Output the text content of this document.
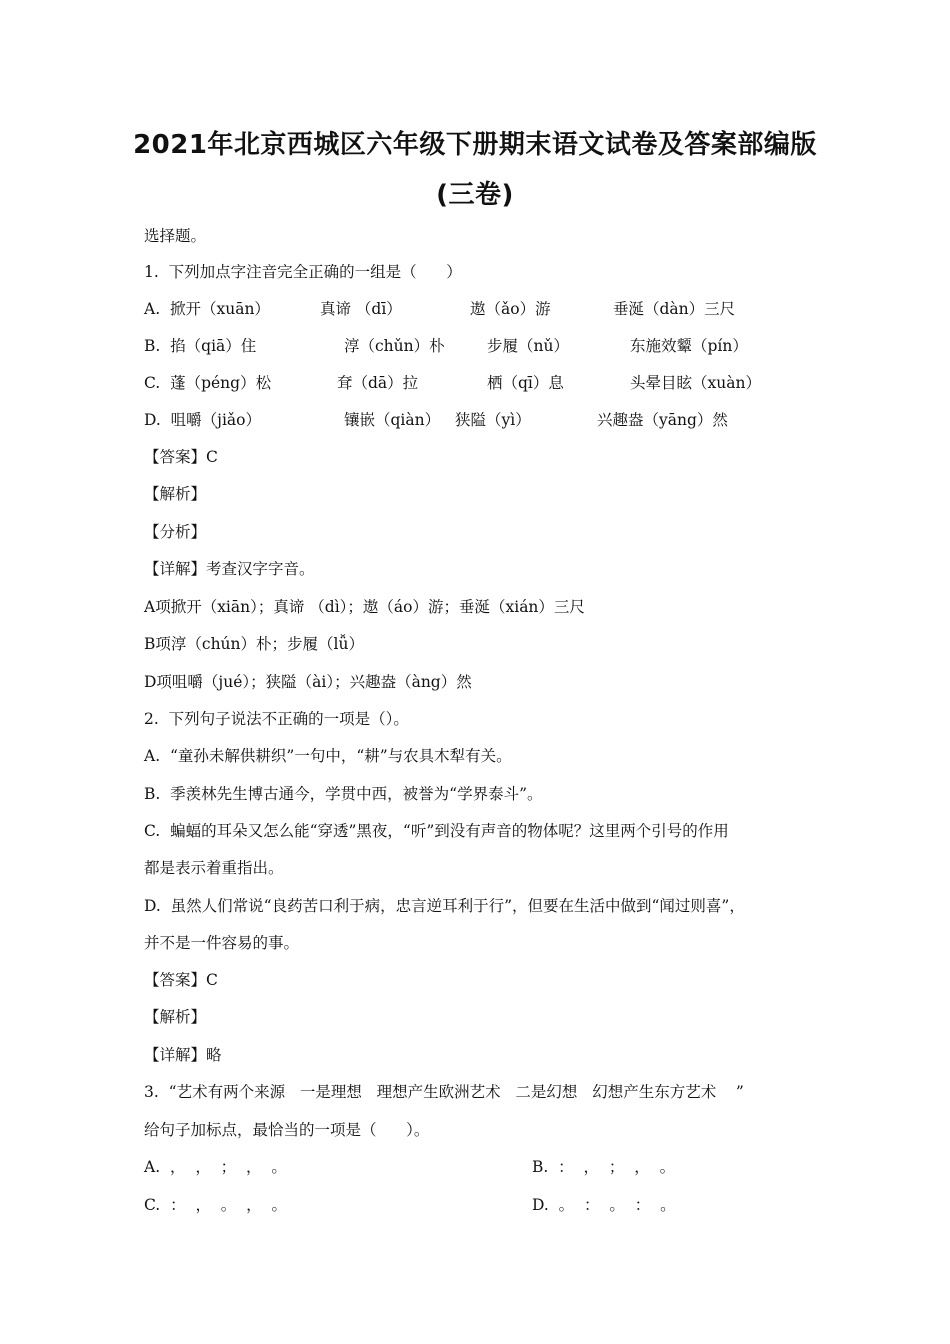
2021年北京西城区六年级下册期末语文试卷及答案部编版
(三卷)
选择题。
1.  下列加点字注音完全正确的一组是（      ）
A.  掀开（xuān）	真谛 （dī）	遨（ǎo）游	垂涎（dàn）三尺
B.  掐（qiā）住	淳（chǔn）朴	步履（nǔ）	东施效颦（pín）
C.  蓬（péng）松	耷（dā）拉	栖（qī）息	头晕目眩（xuàn）
D.  咀嚼（jiǎo）	镶嵌（qiàn） 狭隘（yì）	兴趣盎（yāng）然
【答案】C
【解析】
【分析】
【详解】考查汉字字音。
A项掀开（xiān）；真谛 （dì）；遨（áo）游；垂涎（xián）三尺
B项淳（chún）朴；步履（lǚ）
D项咀嚼（jué）；狭隘（ài）；兴趣盎（àng）然
2.  下列句子说法不正确的一项是（）。
A.  “童孙未解供耕织”一句中，“耕”与农具木犁有关。
B.  季羡林先生博古通今，学贯中西，被誉为“学界泰斗”。
C.  蝙蝠的耳朵又怎么能“穿透”黑夜，“听”到没有声音的物体呢？这里两个引号的作用
都是表示着重指出。
D.  虽然人们常说“良药苦口利于病，忠言逆耳利于行”，但要在生活中做到“闻过则喜”，
并不是一件容易的事。
【答案】C
【解析】
【详解】略
3.  “艺术有两个来源   一是理想   理想产生欧洲艺术   二是幻想   幻想产生东方艺术    ”
给句子加标点，最恰当的一项是（      ）。
A.  ，  ，  ；  ，  。	B.  ：  ，  ；  ，  。
C.  ：  ，  。  ，  。	D.  。  ：  。  ：  。
